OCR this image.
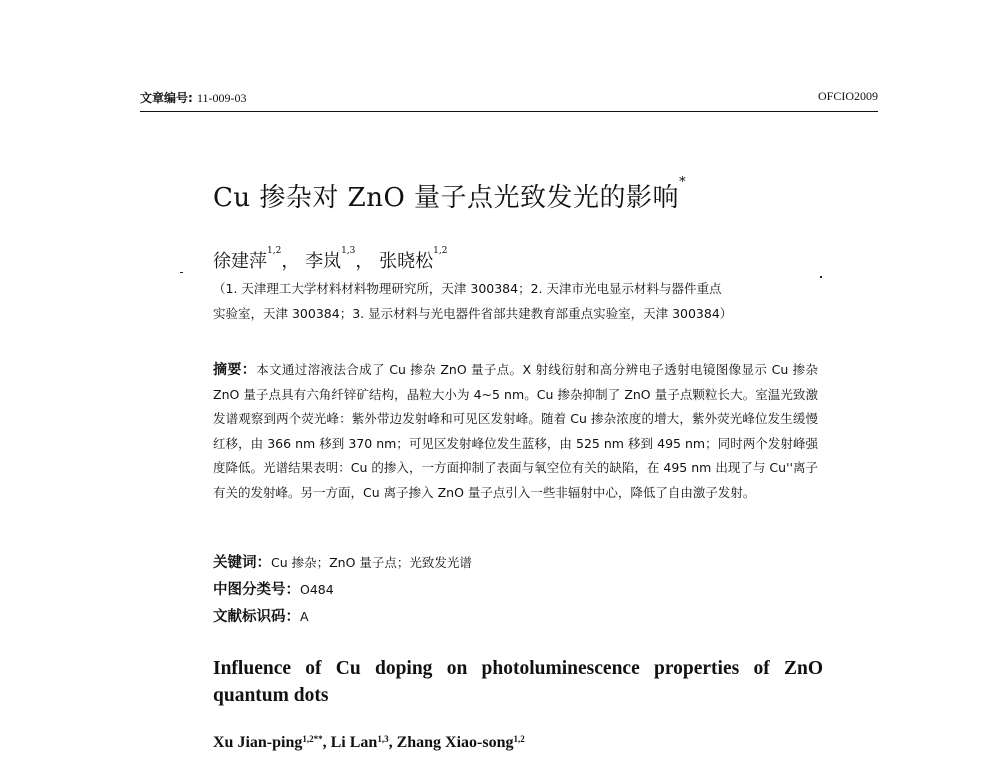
文章编号: 11-009-03	OFCIO2009
Cu 掺杂对 ZnO 量子点光致发光的影响*
徐建萍$^{1,2}$， 李岚$^{1,3}$， 张晓松$^{1,2}$
（1. 天津理工大学材料材料物理研究所，天津 300384；2. 天津市光电显示材料与器件重点
实验室，天津 300384；3. 显示材料与光电器件省部共建教育部重点实验室，天津 300384）
摘要：本文通过溶液法合成了 Cu 掺杂 ZnO 量子点。X 射线衍射和高分辨电子透射电镜图像显示 Cu 掺杂 ZnO 量子点具有六角纤锌矿结构，晶粒大小为 4~5 nm。Cu 掺杂抑制了 ZnO 量子点颗粒长大。室温光致激发谱观察到两个荧光峰：紫外带边发射峰和可见区发射峰。随着 Cu 掺杂浓度的增大，紫外荧光峰位发生缓慢红移，由 366 nm 移到 370 nm；可见区发射峰位发生蓝移，由 525 nm 移到 495 nm；同时两个发射峰强度降低。光谱结果表明：Cu 的掺入，一方面抑制了表面与氧空位有关的缺陷，在 495 nm 出现了与 Cu''离子有关的发射峰。另一方面，Cu 离子掺入 ZnO 量子点引入一些非辐射中心，降低了自由激子发射。
关键词：Cu 掺杂；ZnO 量子点；光致发光谱
中图分类号：O484
文献标识码：A
Influence of Cu doping on photoluminescence properties of ZnO quantum dots
Xu Jian-ping$^{1,2**}$, Li Lan$^{1,3}$, Zhang Xiao-song$^{1,2}$
